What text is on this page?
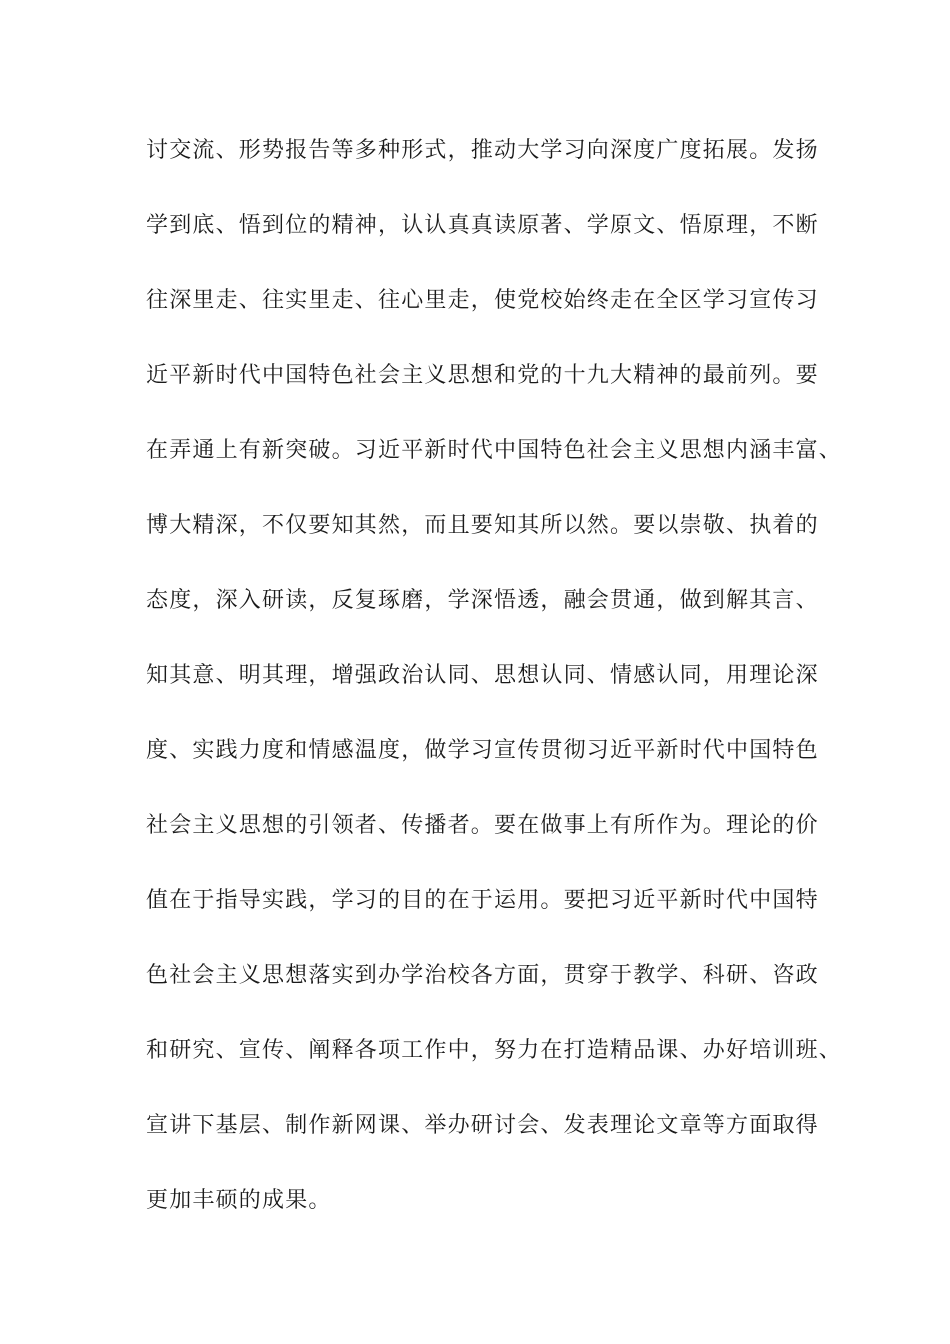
讨交流、形势报告等多种形式，推动大学习向深度广度拓展。发扬
学到底、悟到位的精神，认认真真读原著、学原文、悟原理，不断
往深里走、往实里走、往心里走，使党校始终走在全区学习宣传习
近平新时代中国特色社会主义思想和党的十九大精神的最前列。要
在弄通上有新突破。习近平新时代中国特色社会主义思想内涵丰富、
博大精深，不仅要知其然，而且要知其所以然。要以崇敬、执着的
态度，深入研读，反复琢磨，学深悟透，融会贯通，做到解其言、
知其意、明其理，增强政治认同、思想认同、情感认同，用理论深
度、实践力度和情感温度，做学习宣传贯彻习近平新时代中国特色
社会主义思想的引领者、传播者。要在做事上有所作为。理论的价
值在于指导实践，学习的目的在于运用。要把习近平新时代中国特
色社会主义思想落实到办学治校各方面，贯穿于教学、科研、咨政
和研究、宣传、阐释各项工作中，努力在打造精品课、办好培训班、
宣讲下基层、制作新网课、举办研讨会、发表理论文章等方面取得
更加丰硕的成果。
